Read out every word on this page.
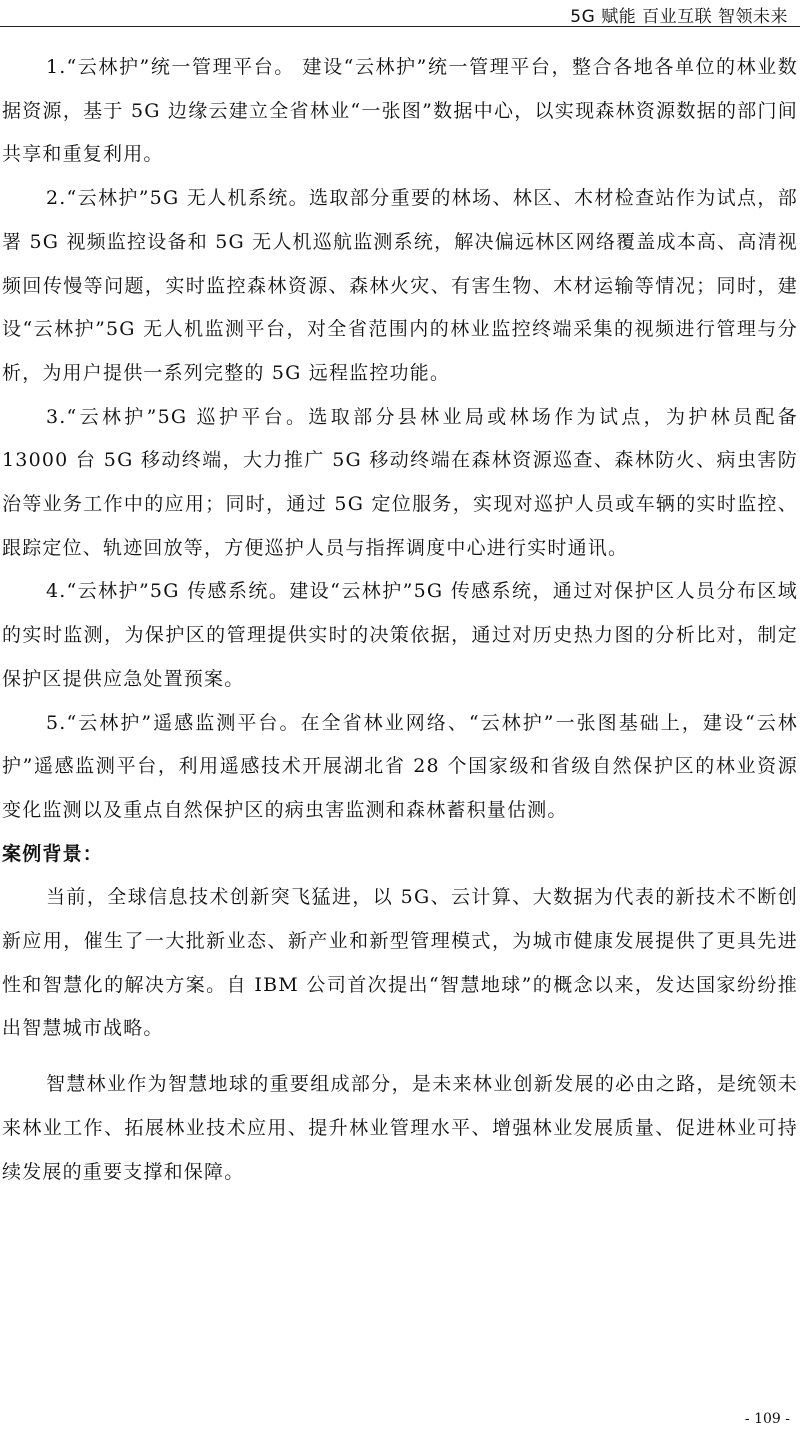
5G 赋能 百业互联 智领未来

1.“云林护”统一管理平台。 建设“云林护”统一管理平台，整合各地各单位的林业数据资源，基于 5G 边缘云建立全省林业“一张图”数据中心，以实现森林资源数据的部门间共享和重复利用。

2.“云林护”5G 无人机系统。选取部分重要的林场、林区、木材检查站作为试点，部署 5G 视频监控设备和 5G 无人机巡航监测系统，解决偏远林区网络覆盖成本高、高清视频回传慢等问题，实时监控森林资源、森林火灾、有害生物、木材运输等情况；同时，建设“云林护”5G 无人机监测平台，对全省范围内的林业监控终端采集的视频进行管理与分析，为用户提供一系列完整的 5G 远程监控功能。

3.“云林护”5G 巡护平台。选取部分县林业局或林场作为试点，为护林员配备 13000 台 5G 移动终端，大力推广 5G 移动终端在森林资源巡查、森林防火、病虫害防治等业务工作中的应用；同时，通过 5G 定位服务，实现对巡护人员或车辆的实时监控、跟踪定位、轨迹回放等，方便巡护人员与指挥调度中心进行实时通讯。

4.“云林护”5G 传感系统。建设“云林护”5G 传感系统，通过对保护区人员分布区域的实时监测，为保护区的管理提供实时的决策依据，通过对历史热力图的分析比对，制定保护区提供应急处置预案。

5.“云林护”遥感监测平台。在全省林业网络、“云林护”一张图基础上，建设“云林护”遥感监测平台，利用遥感技术开展湖北省 28 个国家级和省级自然保护区的林业资源变化监测以及重点自然保护区的病虫害监测和森林蓄积量估测。

案例背景：

当前，全球信息技术创新突飞猛进，以 5G、云计算、大数据为代表的新技术不断创新应用，催生了一大批新业态、新产业和新型管理模式，为城市健康发展提供了更具先进性和智慧化的解决方案。自 IBM 公司首次提出“智慧地球”的概念以来，发达国家纷纷推出智慧城市战略。

智慧林业作为智慧地球的重要组成部分，是未来林业创新发展的必由之路，是统领未来林业工作、拓展林业技术应用、提升林业管理水平、增强林业发展质量、促进林业可持续发展的重要支撑和保障。

- 109 -
